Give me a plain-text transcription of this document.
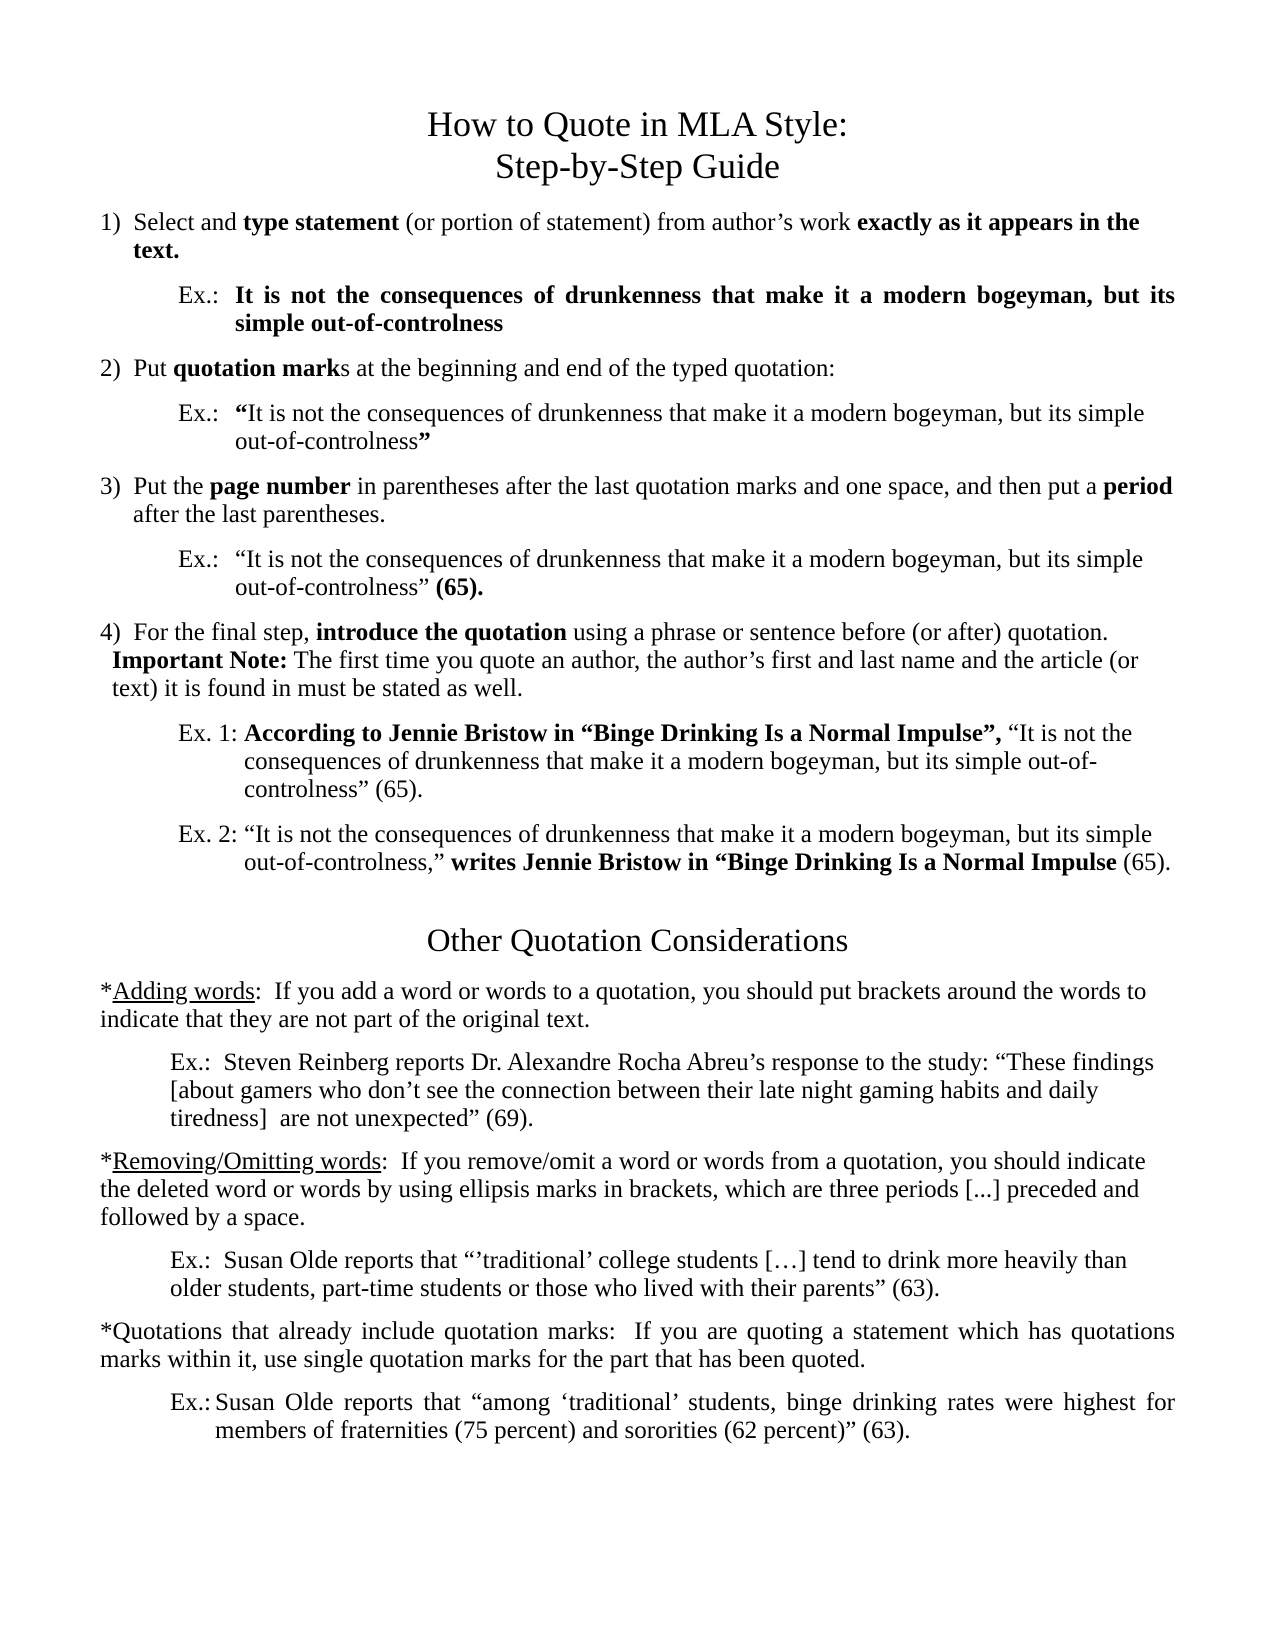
How to Quote in MLA Style:
Step-by-Step Guide
1)  Select and type statement (or portion of statement) from author’s work exactly as it appears in the text.
Ex.: It is not the consequences of drunkenness that make it a modern bogeyman, but its simple out-of-controlness
2)  Put quotation marks at the beginning and end of the typed quotation:
Ex.: “It is not the consequences of drunkenness that make it a modern bogeyman, but its simple out-of-controlness”
3)  Put the page number in parentheses after the last quotation marks and one space, and then put a period after the last parentheses.
Ex.: “It is not the consequences of drunkenness that make it a modern bogeyman, but its simple out-of-controlness” (65).
4)  For the final step, introduce the quotation using a phrase or sentence before (or after) quotation. Important Note: The first time you quote an author, the author’s first and last name and the article (or text) it is found in must be stated as well.
Ex. 1: According to Jennie Bristow in “Binge Drinking Is a Normal Impulse”, “It is not the consequences of drunkenness that make it a modern bogeyman, but its simple out-of-controlness” (65).
Ex. 2: “It is not the consequences of drunkenness that make it a modern bogeyman, but its simple out-of-controlness,” writes Jennie Bristow in “Binge Drinking Is a Normal Impulse (65).
Other Quotation Considerations
*Adding words:  If you add a word or words to a quotation, you should put brackets around the words to indicate that they are not part of the original text.
Ex.:  Steven Reinberg reports Dr. Alexandre Rocha Abreu’s response to the study: “These findings [about gamers who don’t see the connection between their late night gaming habits and daily tiredness]  are not unexpected” (69).
*Removing/Omitting words:  If you remove/omit a word or words from a quotation, you should indicate the deleted word or words by using ellipsis marks in brackets, which are three periods [...] preceded and followed by a space.
Ex.:  Susan Olde reports that “’traditional’ college students […] tend to drink more heavily than older students, part-time students or those who lived with their parents” (63).
*Quotations that already include quotation marks:  If you are quoting a statement which has quotations marks within it, use single quotation marks for the part that has been quoted.
Ex.: Susan Olde reports that “among ‘traditional’ students, binge drinking rates were highest for members of fraternities (75 percent) and sororities (62 percent)” (63).
